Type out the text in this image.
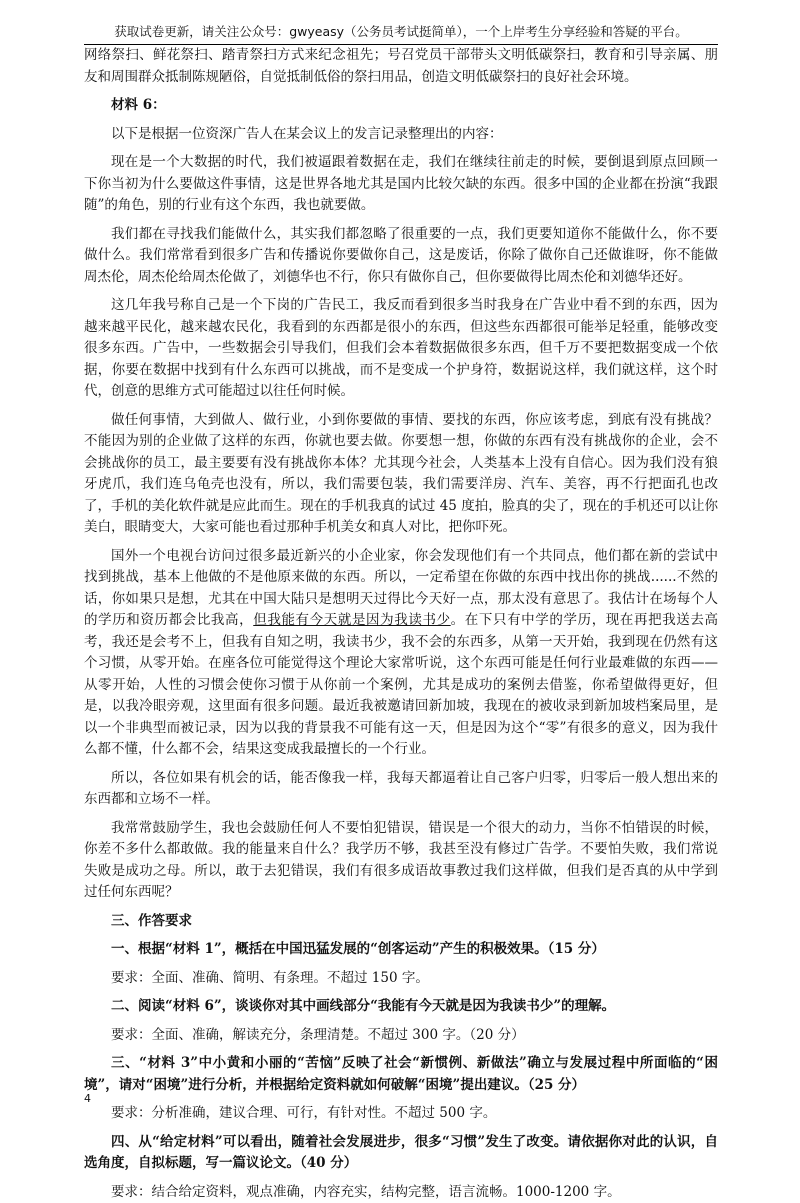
获取试卷更新，请关注公众号：gwyeasy（公务员考试挺简单），一个上岸考生分享经验和答疑的平台。

网络祭扫、鲜花祭扫、踏青祭扫方式来纪念祖先；号召党员干部带头文明低碳祭扫，教育和引导亲属、朋友和周围群众抵制陈规陋俗，自觉抵制低俗的祭扫用品，创造文明低碳祭扫的良好社会环境。

材料 6：

以下是根据一位资深广告人在某会议上的发言记录整理出的内容：

现在是一个大数据的时代，我们被逼跟着数据在走，我们在继续往前走的时候，要倒退到原点回顾一下你当初为什么要做这件事情，这是世界各地尤其是国内比较欠缺的东西。很多中国的企业都在扮演“我跟随”的角色，别的行业有这个东西，我也就要做。

我们都在寻找我们能做什么，其实我们都忽略了很重要的一点，我们更要知道你不能做什么，你不要做什么。我们常常看到很多广告和传播说你要做你自己，这是废话，你除了做你自己还做谁呀，你不能做周杰伦，周杰伦给周杰伦做了，刘德华也不行，你只有做你自己，但你要做得比周杰伦和刘德华还好。

这几年我号称自己是一个下岗的广告民工，我反而看到很多当时我身在广告业中看不到的东西，因为越来越平民化，越来越农民化，我看到的东西都是很小的东西，但这些东西都很可能举足轻重，能够改变很多东西。广告中，一些数据会引导我们，但我们会本着数据做很多东西，但千万不要把数据变成一个依据，你要在数据中找到有什么东西可以挑战，而不是变成一个护身符，数据说这样，我们就这样，这个时代，创意的思维方式可能超过以往任何时候。

做任何事情，大到做人、做行业，小到你要做的事情、要找的东西，你应该考虑，到底有没有挑战？不能因为别的企业做了这样的东西，你就也要去做。你要想一想，你做的东西有没有挑战你的企业，会不会挑战你的员工，最主要要有没有挑战你本体？尤其现今社会，人类基本上没有自信心。因为我们没有狼牙虎爪，我们连乌龟壳也没有，所以，我们需要包装，我们需要洋房、汽车、美容，再不行把面孔也改了，手机的美化软件就是应此而生。现在的手机我真的试过 45 度拍，脸真的尖了，现在的手机还可以让你美白，眼睛变大，大家可能也看过那种手机美女和真人对比，把你吓死。

国外一个电视台访问过很多最近新兴的小企业家，你会发现他们有一个共同点，他们都在新的尝试中找到挑战，基本上他做的不是他原来做的东西。所以，一定希望在你做的东西中找出你的挑战......不然的话，你如果只是想，尤其在中国大陆只是想明天过得比今天好一点，那太没有意思了。我估计在场每个人的学历和资历都会比我高，但我能有今天就是因为我读书少。在下只有中学的学历，现在再把我送去高考，我还是会考不上，但我有自知之明，我读书少，我不会的东西多，从第一天开始，我到现在仍然有这个习惯，从零开始。在座各位可能觉得这个理论大家常听说，这个东西可能是任何行业最难做的东西——从零开始，人性的习惯会使你习惯于从你前一个案例，尤其是成功的案例去借鉴，你希望做得更好，但是，以我冷眼旁观，这里面有很多问题。最近我被邀请回新加坡，我现在的被收录到新加坡档案局里，是以一个非典型而被记录，因为以我的背景我不可能有这一天，但是因为这个“零”有很多的意义，因为我什么都不懂，什么都不会，结果这变成我最擅长的一个行业。

所以，各位如果有机会的话，能否像我一样，我每天都逼着让自己客户归零，归零后一般人想出来的东西都和立场不一样。

我常常鼓励学生，我也会鼓励任何人不要怕犯错误，错误是一个很大的动力，当你不怕错误的时候，你差不多什么都敢做。我的能量来自什么？我学历不够，我甚至没有修过广告学。不要怕失败，我们常说失败是成功之母。所以，敢于去犯错误，我们有很多成语故事教过我们这样做，但我们是否真的从中学到过任何东西呢？

三、作答要求

一、根据“材料 1”，概括在中国迅猛发展的“创客运动”产生的积极效果。（15 分）

要求：全面、准确、简明、有条理。不超过 150 字。

二、阅读“材料 6”，谈谈你对其中画线部分“我能有今天就是因为我读书少”的理解。

要求：全面、准确，解读充分，条理清楚。不超过 300 字。（20 分）

三、“材料 3”中小黄和小丽的“苦恼”反映了社会“新惯例、新做法”确立与发展过程中所面临的“困境”，请对“困境”进行分析，并根据给定资料就如何破解“困境”提出建议。（25 分）

要求：分析准确，建议合理、可行，有针对性。不超过 500 字。

四、从“给定材料”可以看出，随着社会发展进步，很多“习惯”发生了改变。请依据你对此的认识，自选角度，自拟标题，写一篇议论文。（40 分）

要求：结合给定资料，观点准确，内容充实，结构完整，语言流畅。1000-1200 字。

4
